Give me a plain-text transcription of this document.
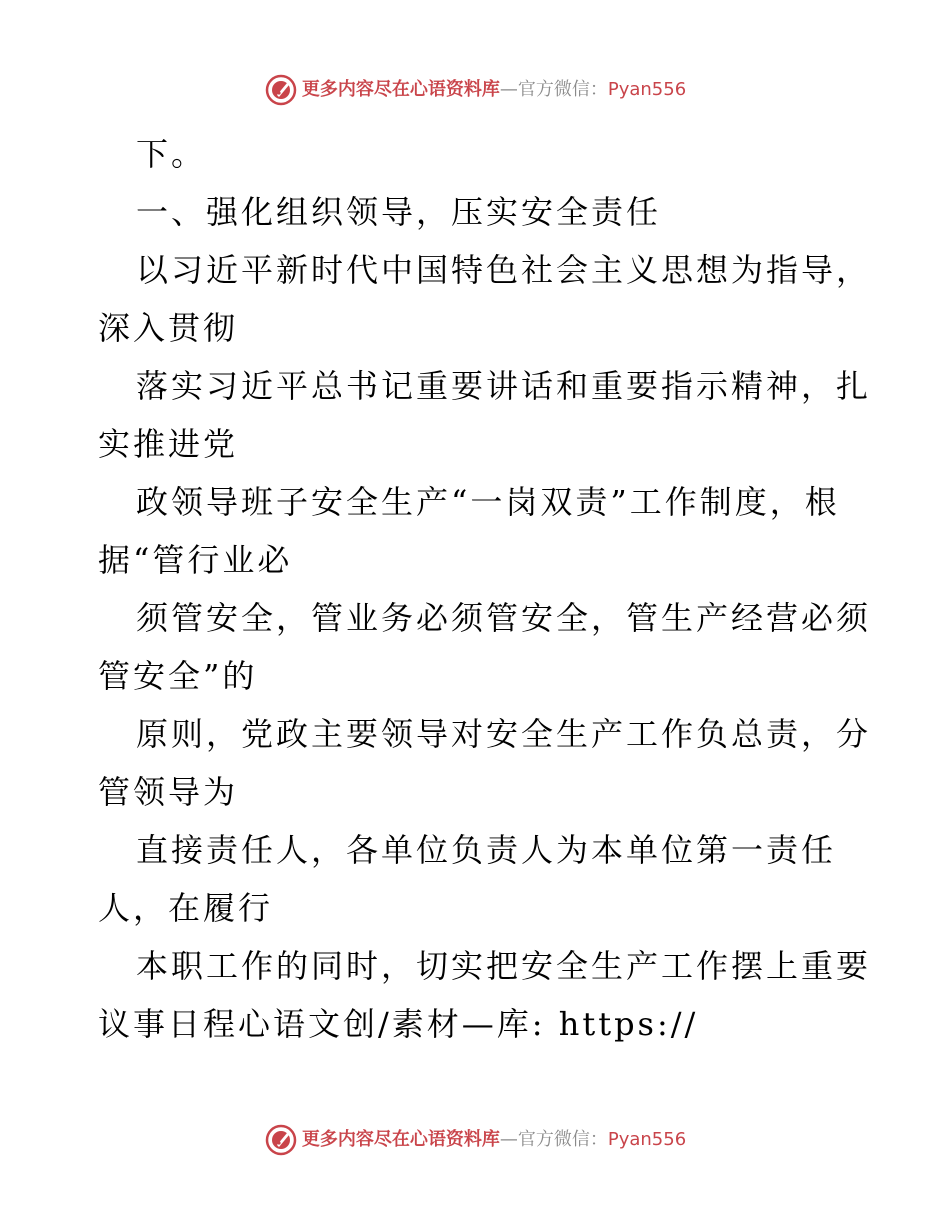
更多内容尽在心语资料库 — 官方微信： Pyan556
下。
一、强化组织领导，压实安全责任
以习近平新时代中国特色社会主义思想为指导，
深入贯彻
落实习近平总书记重要讲话和重要指示精神，扎
实推进党
政领导班子安全生产“一岗双责”工作制度，根
据“管行业必
须管安全，管业务必须管安全，管生产经营必须
管安全”的
原则，党政主要领导对安全生产工作负总责，分
管领导为
直接责任人，各单位负责人为本单位第一责任
人，在履行
本职工作的同时，切实把安全生产工作摆上重要
议事日程心语文创/素材—库: https://
更多内容尽在心语资料库 — 官方微信： Pyan556
